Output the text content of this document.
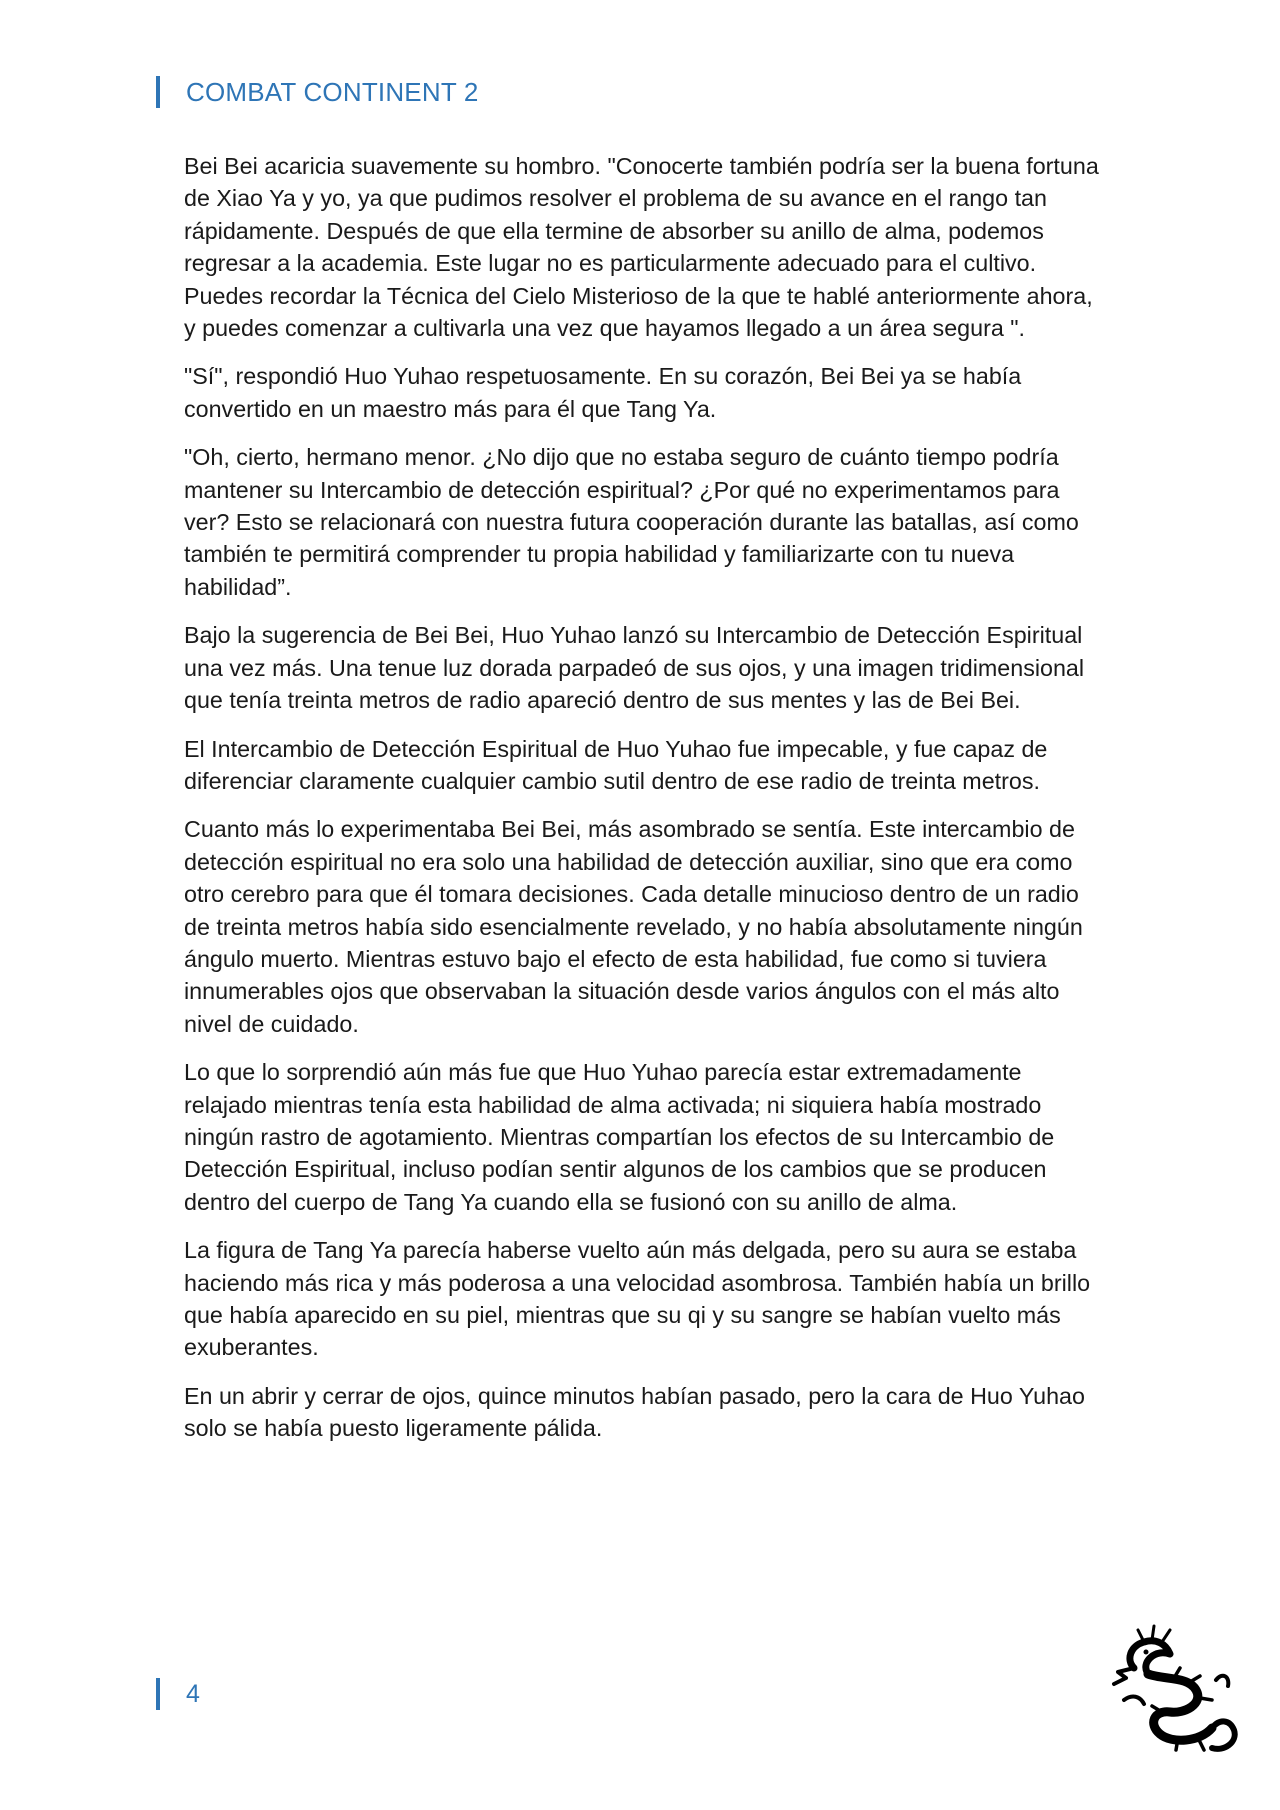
COMBAT CONTINENT 2

Bei Bei acaricia suavemente su hombro. "Conocerte también podría ser la buena fortuna de Xiao Ya y yo, ya que pudimos resolver el problema de su avance en el rango tan rápidamente. Después de que ella termine de absorber su anillo de alma, podemos regresar a la academia. Este lugar no es particularmente adecuado para el cultivo. Puedes recordar la Técnica del Cielo Misterioso de la que te hablé anteriormente ahora, y puedes comenzar a cultivarla una vez que hayamos llegado a un área segura ".

"Sí", respondió Huo Yuhao respetuosamente. En su corazón, Bei Bei ya se había convertido en un maestro más para él que Tang Ya.

"Oh, cierto, hermano menor. ¿No dijo que no estaba seguro de cuánto tiempo podría mantener su Intercambio de detección espiritual? ¿Por qué no experimentamos para ver? Esto se relacionará con nuestra futura cooperación durante las batallas, así como también te permitirá comprender tu propia habilidad y familiarizarte con tu nueva habilidad”.

Bajo la sugerencia de Bei Bei, Huo Yuhao lanzó su Intercambio de Detección Espiritual una vez más. Una tenue luz dorada parpadeó de sus ojos, y una imagen tridimensional que tenía treinta metros de radio apareció dentro de sus mentes y las de Bei Bei.

El Intercambio de Detección Espiritual de Huo Yuhao fue impecable, y fue capaz de diferenciar claramente cualquier cambio sutil dentro de ese radio de treinta metros.

Cuanto más lo experimentaba Bei Bei, más asombrado se sentía. Este intercambio de detección espiritual no era solo una habilidad de detección auxiliar, sino que era como otro cerebro para que él tomara decisiones. Cada detalle minucioso dentro de un radio de treinta metros había sido esencialmente revelado, y no había absolutamente ningún ángulo muerto. Mientras estuvo bajo el efecto de esta habilidad, fue como si tuviera innumerables ojos que observaban la situación desde varios ángulos con el más alto nivel de cuidado.

Lo que lo sorprendió aún más fue que Huo Yuhao parecía estar extremadamente relajado mientras tenía esta habilidad de alma activada; ni siquiera había mostrado ningún rastro de agotamiento. Mientras compartían los efectos de su Intercambio de Detección Espiritual, incluso podían sentir algunos de los cambios que se producen dentro del cuerpo de Tang Ya cuando ella se fusionó con su anillo de alma.

La figura de Tang Ya parecía haberse vuelto aún más delgada, pero su aura se estaba haciendo más rica y más poderosa a una velocidad asombrosa. También había un brillo que había aparecido en su piel, mientras que su qi y su sangre se habían vuelto más exuberantes.

En un abrir y cerrar de ojos, quince minutos habían pasado, pero la cara de Huo Yuhao solo se había puesto ligeramente pálida.

4
